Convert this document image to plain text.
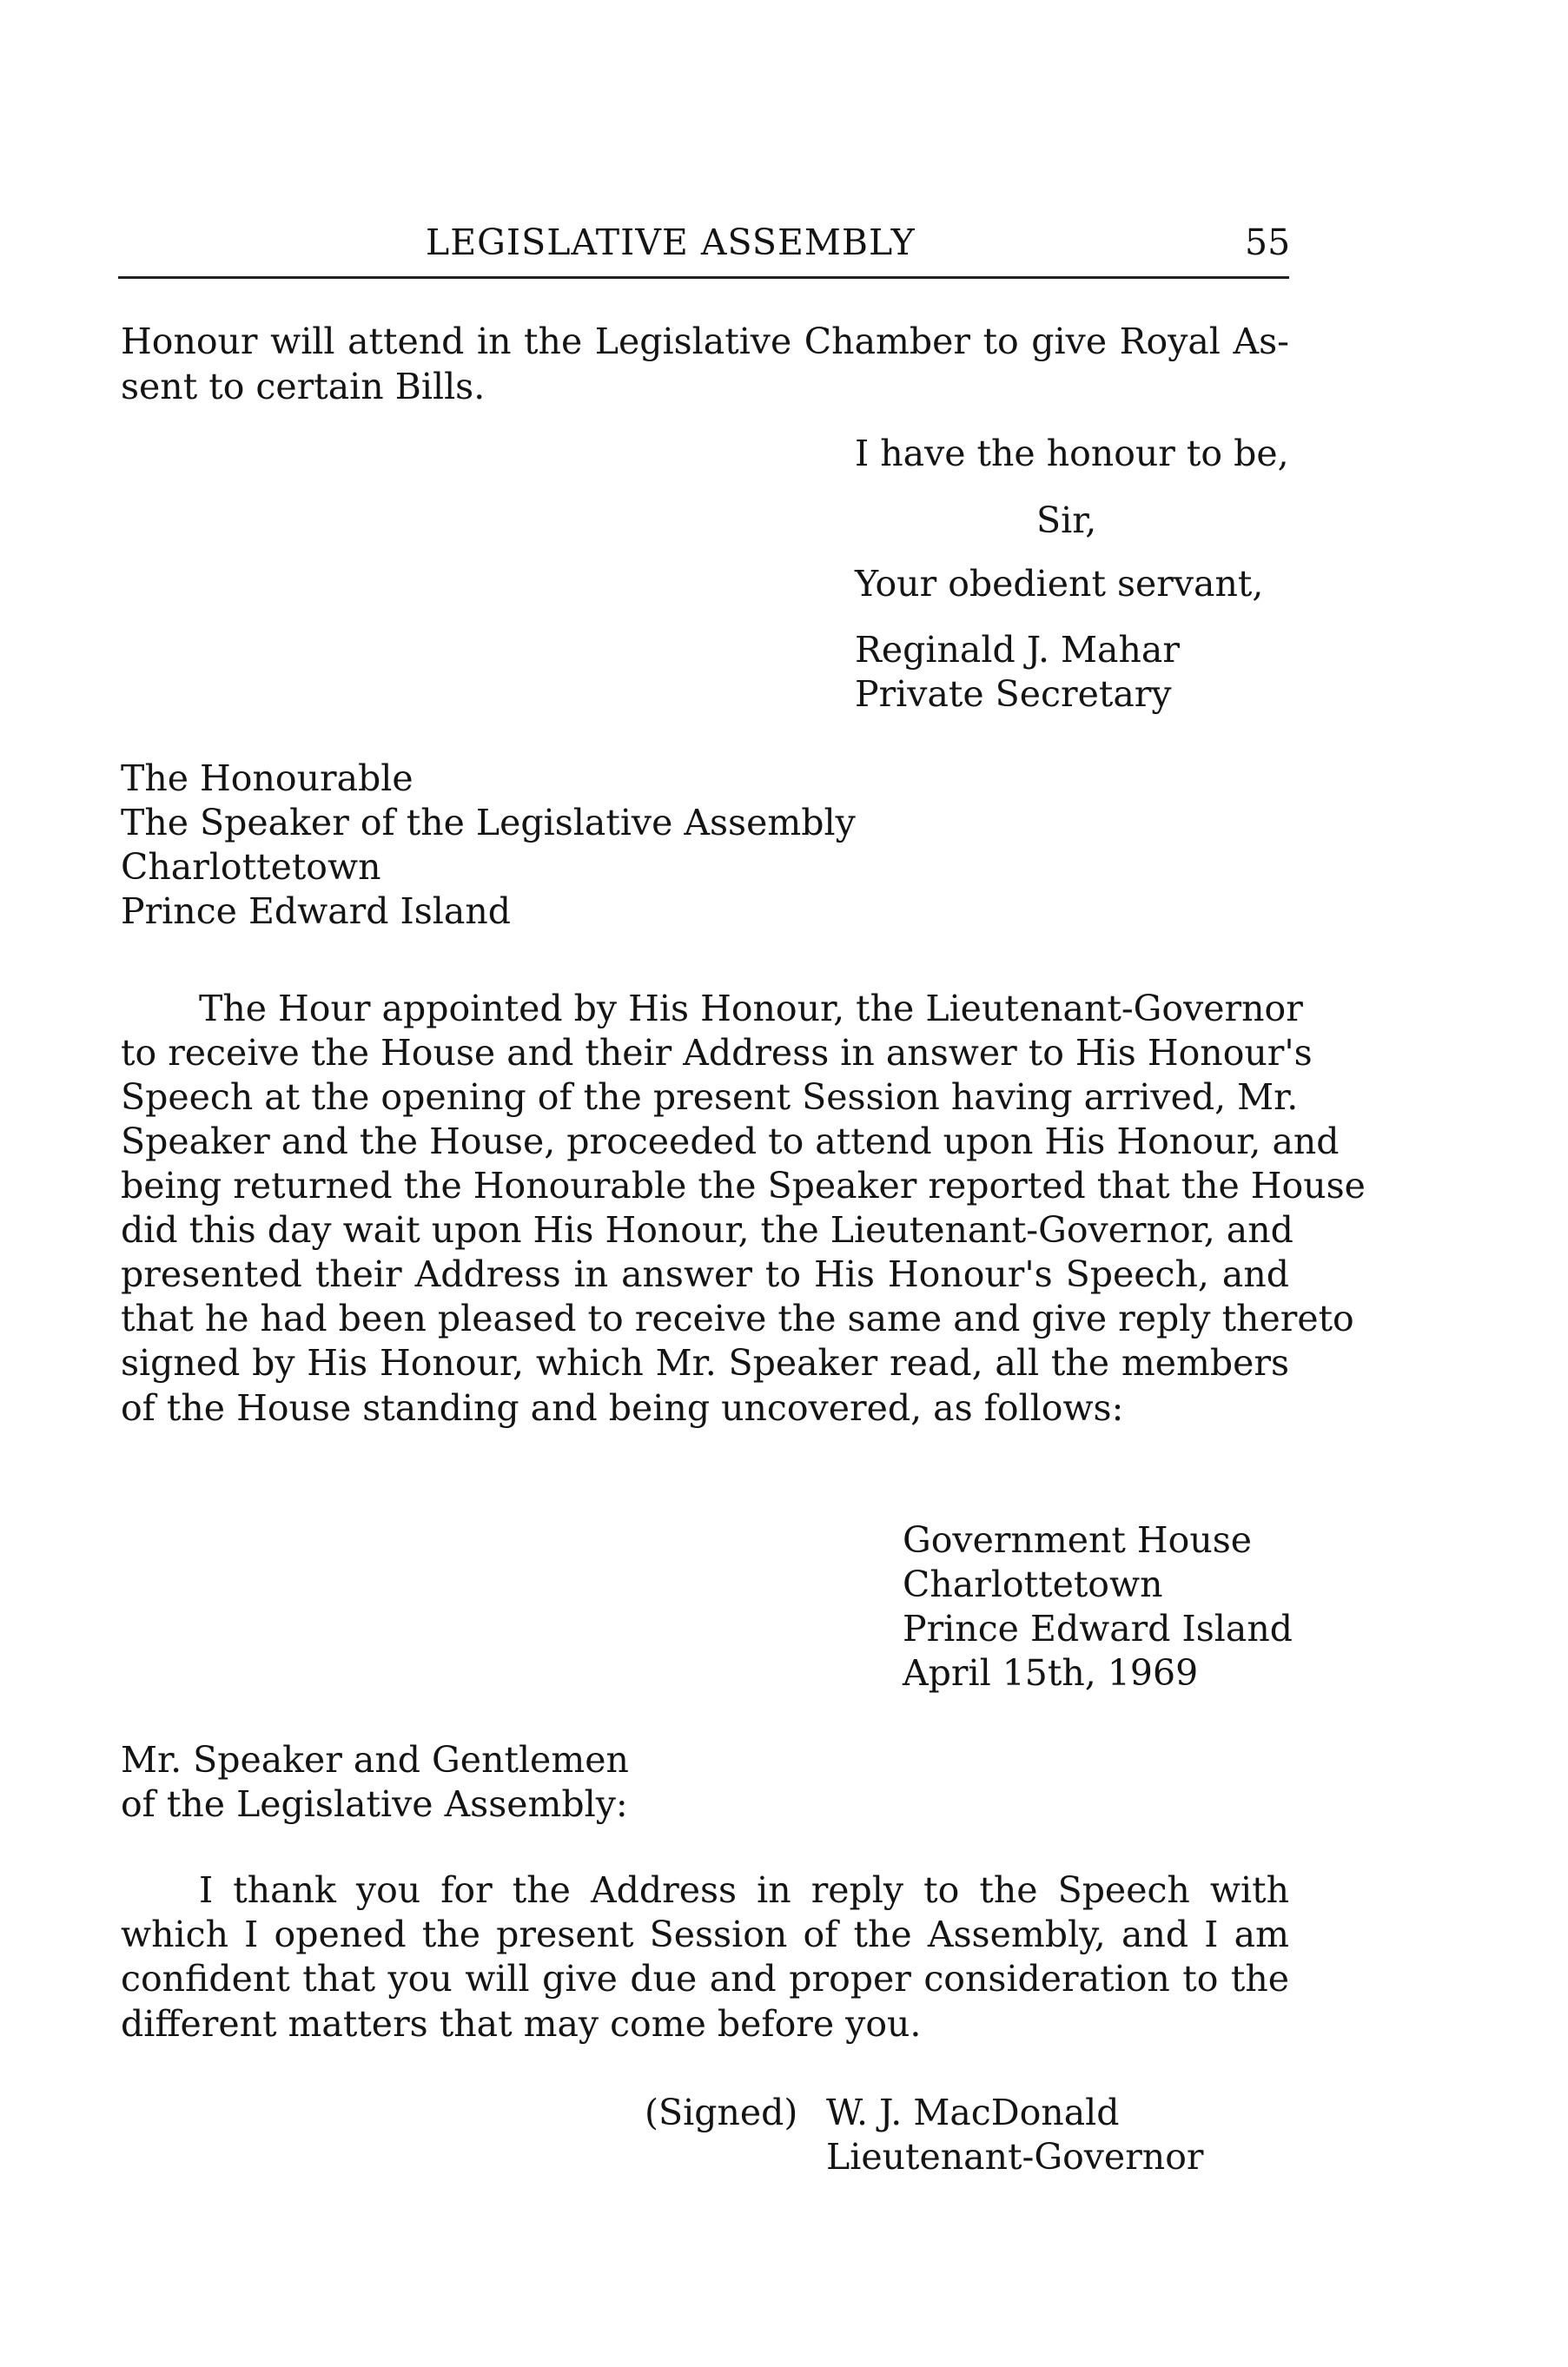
LEGISLATIVE ASSEMBLY	55
Honour will attend in the Legislative Chamber to give Royal As-
sent to certain Bills.
I have the honour to be,
Sir,
Your obedient servant,
Reginald J. Mahar
Private Secretary
The Honourable
The Speaker of the Legislative Assembly
Charlottetown
Prince Edward Island
The Hour appointed by His Honour, the Lieutenant-Governor
to receive the House and their Address in answer to His Honour's
Speech at the opening of the present Session having arrived, Mr.
Speaker and the House, proceeded to attend upon His Honour, and
being returned the Honourable the Speaker reported that the House
did this day wait upon His Honour, the Lieutenant-Governor, and
presented their Address in answer to His Honour's Speech, and
that he had been pleased to receive the same and give reply thereto
signed by His Honour, which Mr. Speaker read, all the members
of the House standing and being uncovered, as follows:
Government House
Charlottetown
Prince Edward Island
April 15th, 1969
Mr. Speaker and Gentlemen
of the Legislative Assembly:
I thank you for the Address in reply to the Speech with
which I opened the present Session of the Assembly, and I am
confident that you will give due and proper consideration to the
different matters that may come before you.
(Signed) W. J. MacDonald
Lieutenant-Governor
